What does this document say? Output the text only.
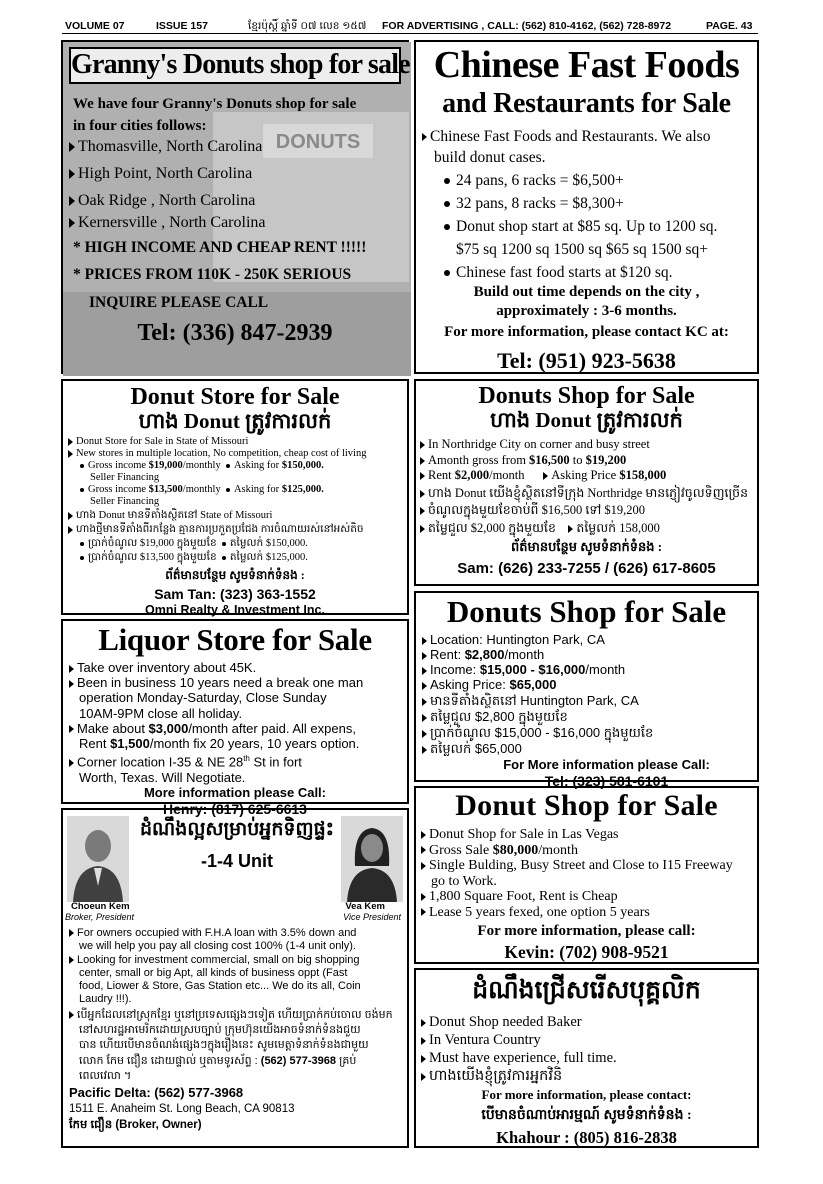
VOLUME 07	ISSUE 157	ខ្មែរប៉ុស្ដិ៍ ឆ្នាំទី ០៧ លេខ ១៥៧ FOR ADVERTISING , CALL: (562) 810-4162, (562) 728-8972	PAGE. 43
DONUTS
Granny's Donuts shop for sale
We have four Granny's Donuts shop for sale
in four cities follows:
Thomasville, North Carolina
High Point, North Carolina
Oak Ridge , North Carolina
Kernersville , North Carolina
* HIGH INCOME AND CHEAP RENT !!!!!
* PRICES FROM 110K - 250K SERIOUS
INQUIRE PLEASE CALL
Tel: (336) 847-2939
Chinese Fast Foods
and Restaurants for Sale
Chinese Fast Foods and Restaurants. We also
build donut cases.
24 pans, 6 racks = $6,500+
32 pans, 8 racks = $8,300+
Donut shop start at $85 sq. Up to 1200 sq.
$75 sq 1200 sq 1500 sq $65 sq 1500 sq+
Chinese fast food starts at $120 sq.
Build out time depends on the city ,
approximately : 3-6 months.
For more information, please contact KC at:
Tel: (951) 923-5638
Donut Store for Sale
ហាង Donut ត្រូវការលក់
Donut Store for Sale in State of Missouri
New stores in multiple location, No competition, cheap cost of living
Gross income $19,000/monthly Asking for $150,000.
Seller Financing
Gross income $13,500/monthly Asking for $125,000.
Seller Financing
ហាង Donut មានទីតាំងស្ថិតនៅ State of Missouri
ហាងថ្មីមានទីតាំងពីរកន្លែង គ្មានការប្រកួតប្រជែង ការចំណាយរស់នៅអស់តិច
ប្រាក់ចំណូល $19,000 ក្នុងមួយខែ តម្លៃលក់ $150,000.
ប្រាក់ចំណូល $13,500 ក្នុងមួយខែ តម្លៃលក់ $125,000.
ព័ត៌មានបន្ថែម សូមទំនាក់ទំនង :
Sam Tan: (323) 363-1552
Omni Realty & Investment Inc.
Donuts Shop for Sale
ហាង Donut ត្រូវការលក់
In Northridge City on corner and busy street
Amonth gross from $16,500 to $19,200
Rent $2,000/month Asking Price $158,000
ហាង Donut យើងខ្ញុំស្ថិតនៅទីក្រុង Northridge មានភ្ញៀវចូលទិញច្រើន
ចំណូលក្នុងមួយខែចាប់ពី $16,500 ទៅ $19,200
តម្លៃជួល $2,000 ក្នុងមួយខែ តម្លៃលក់ 158,000
ព័ត៌មានបន្ថែម សូមទំនាក់ទំនង :
Sam: (626) 233-7255 / (626) 617-8605
Donuts Shop for Sale
Location: Huntington Park, CA
Rent: $2,800/month
Income: $15,000 - $16,000/month
Asking Price: $65,000
មានទីតាំងស្ថិតនៅ Huntington Park, CA
តម្លៃជួល $2,800 ក្នុងមួយខែ
ប្រាក់ចំណូល $15,000 - $16,000 ក្នុងមួយខែ
តម្លៃលក់ $65,000
For More information please Call:
Tel: (323) 581-6101
Liquor Store for Sale
Take over inventory about 45K.
Been in business 10 years need a break one man
operation Monday-Saturday, Close Sunday
10AM-9PM close all holiday.
Make about $3,000/month after paid. All expens,
Rent $1,500/month fix 20 years, 10 years option.
Corner location I-35 & NE 28th St in fort
Worth, Texas. Will Negotiate.
More information please Call:
Henry: (817) 625-6613
ដំណឹងល្អសម្រាប់អ្នកទិញផ្ទះ
-1-4 Unit
Choeun Kem
Broker, President
Vea Kem
Vice President
For owners occupied with F.H.A loan with 3.5% down and
we will help you pay all closing cost 100% (1-4 unit only).
Looking for investment commercial, small on big shopping
center, small or big Apt, all kinds of business oppt (Fast
food, Liower & Store, Gas Station etc... We do its all, Coin
Laudry !!!).
បើអ្នកដែលនៅស្រុកខ្មែរ ឬនៅប្រទេសផ្សេងៗទៀត ហើយប្រាក់កប់ចោល ចង់មក
នៅសហរដ្ឋអាមេរិកដោយស្របច្បាប់ ក្រុមហ៊ុនយើងអាចទំនាក់ទំនងជួយ
បាន ហើយបើមានចំណង់ផ្សេងៗក្នុងរឿងនេះ សូមមេត្តាទំនាក់ទំនងជាមួយ
លោក កែម ជឿន ដោយផ្ទាល់ ឬតាមទូរស័ព្ទ : (562) 577-3968 គ្រប់
ពេលវេលា ។
Pacific Delta: (562) 577-3968
1511 E. Anaheim St. Long Beach, CA 90813
កែម ជឿន (Broker, Owner)
Donut Shop for Sale
Donut Shop for Sale in Las Vegas
Gross Sale $80,000/month
Single Bulding, Busy Street and Close to I15 Freeway
go to Work.
1,800 Square Foot, Rent is Cheap
Lease 5 years fexed, one option 5 years
For more information, please call:
Kevin: (702) 908-9521
ដំណឹងជ្រើសរើសបុគ្គលិក
Donut Shop needed Baker
In Ventura Country
Must have experience, full time.
ហាងយើងខ្ញុំត្រូវការអ្នកវិនិ
For more information, please contact:
បើមានចំណាប់អារម្មណ៍ សូមទំនាក់ទំនង :
Khahour : (805) 816-2838
